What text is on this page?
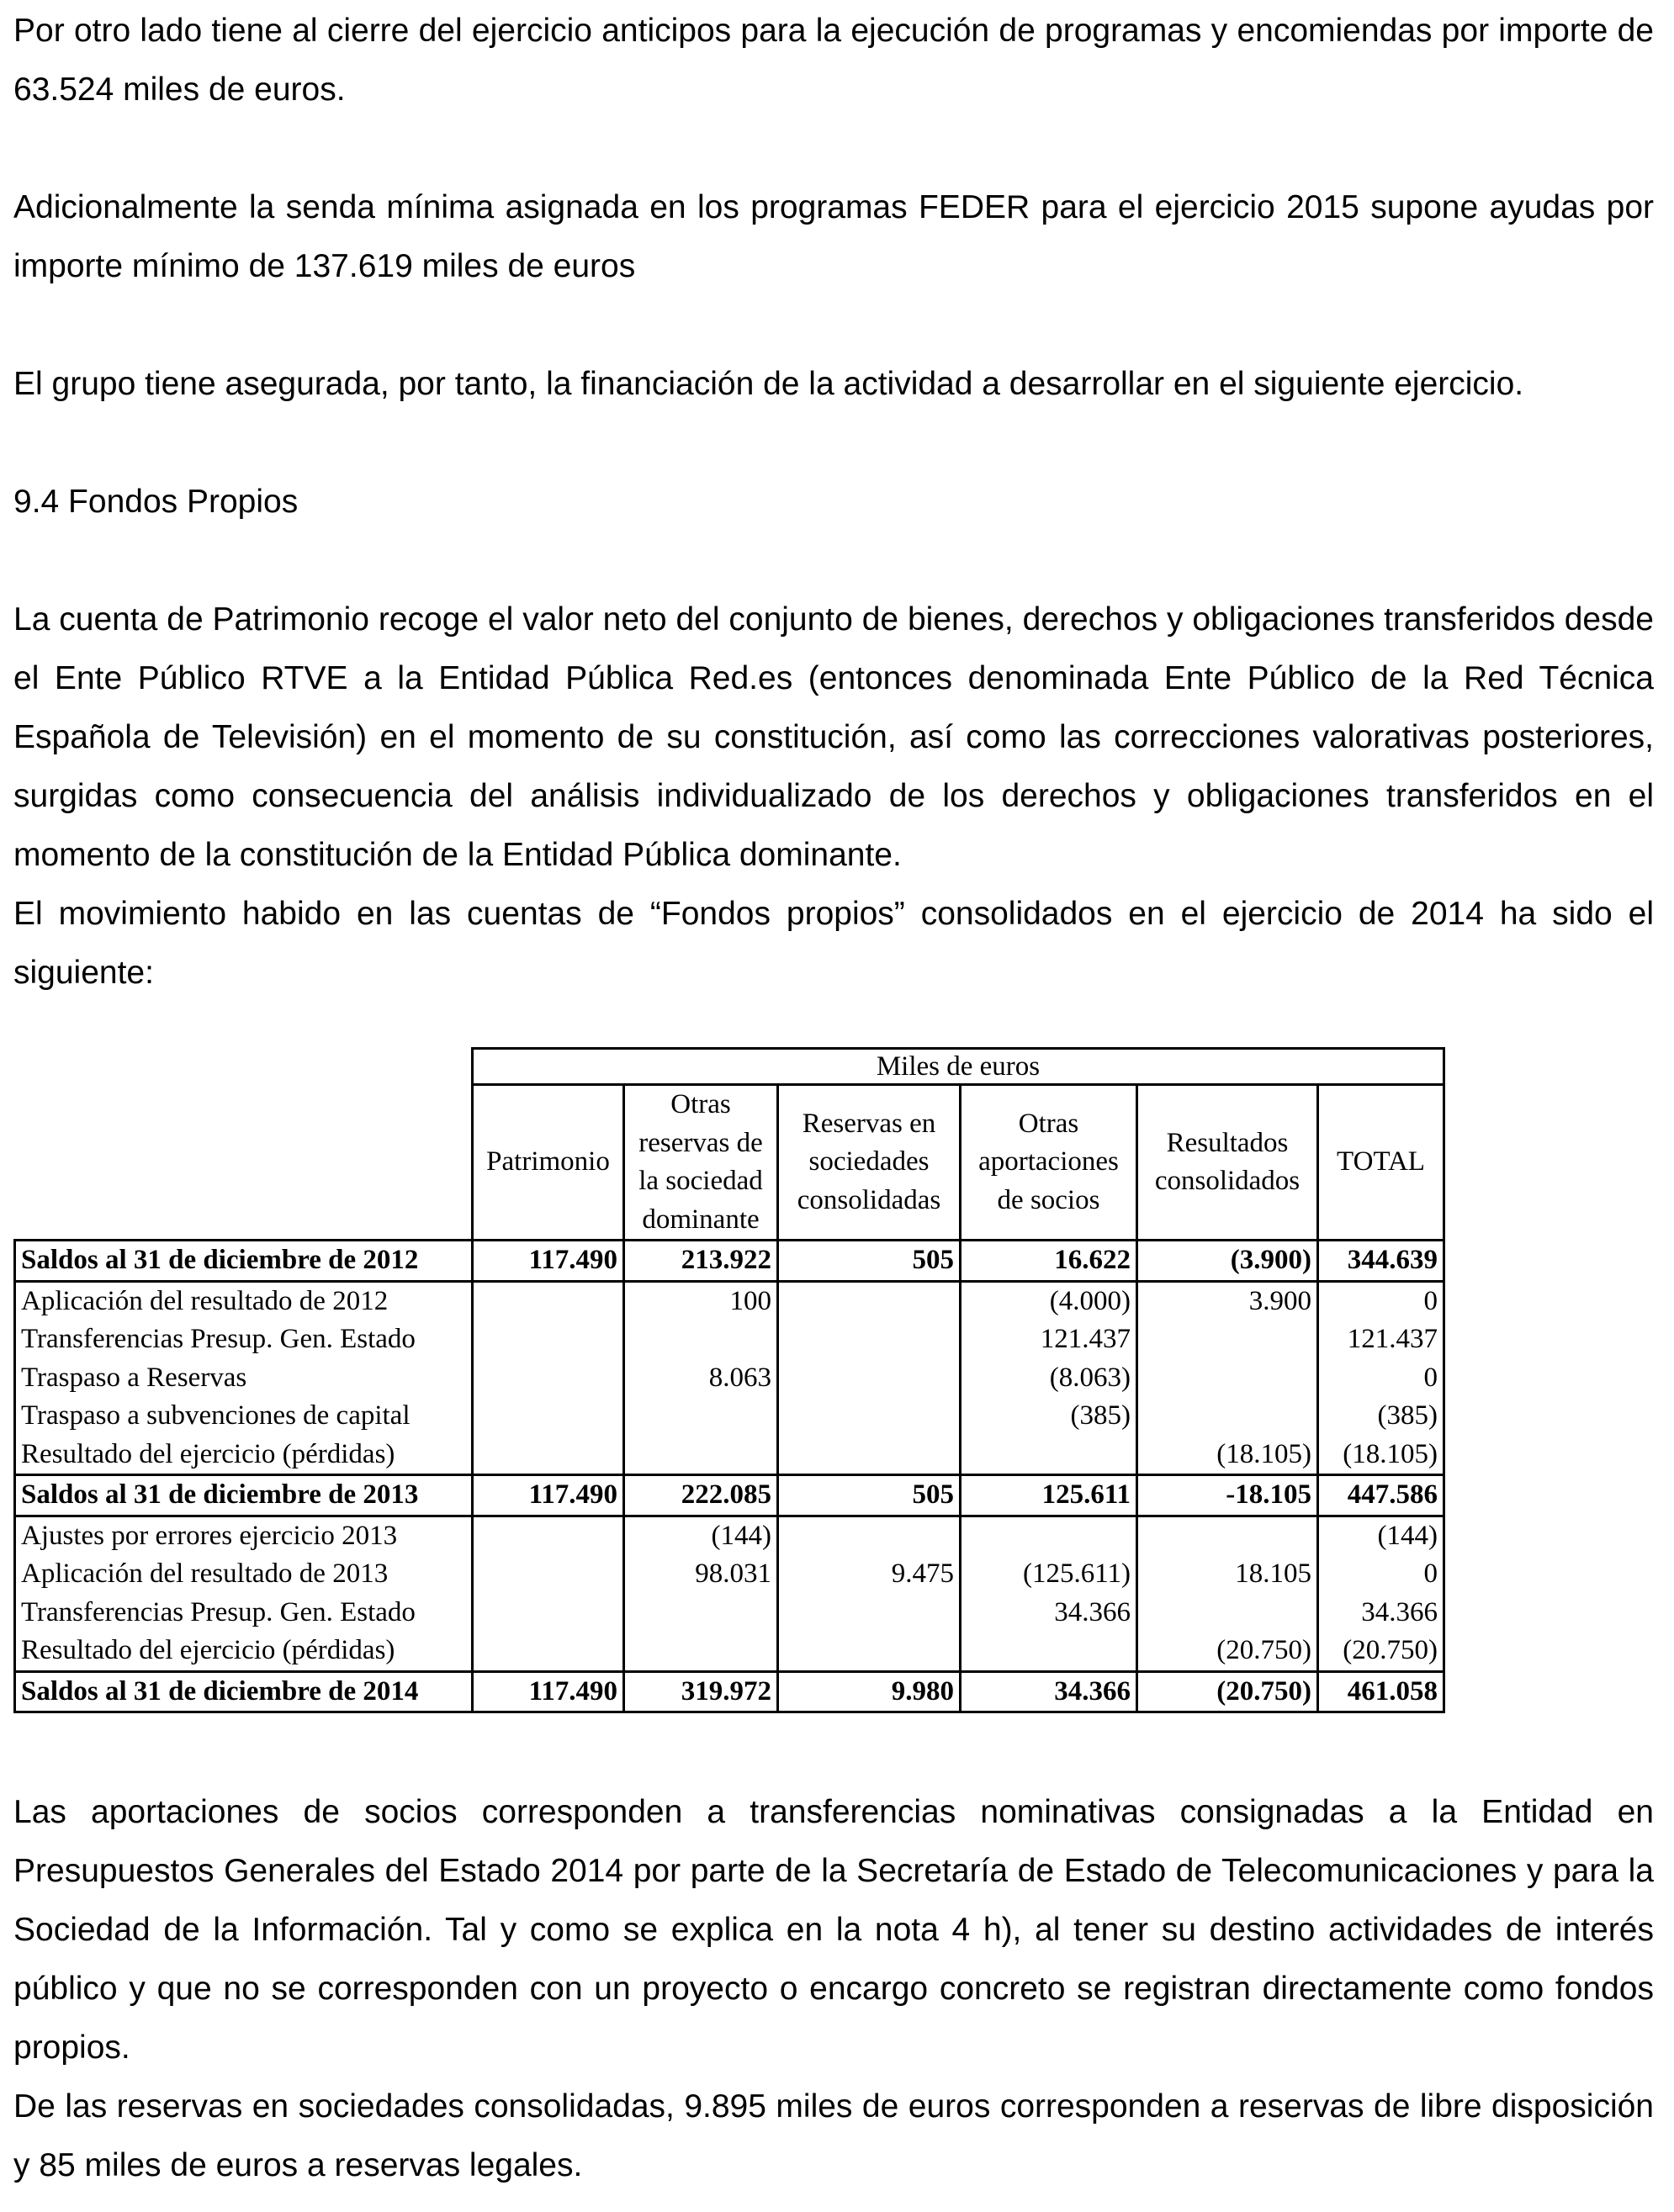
Por otro lado tiene al cierre del ejercicio anticipos para la ejecución de programas y encomiendas por importe de 63.524 miles de euros.

Adicionalmente la senda mínima asignada en los programas FEDER para el ejercicio 2015 supone ayudas por importe mínimo de 137.619 miles de euros

El grupo tiene asegurada, por tanto, la financiación de la actividad a desarrollar en el siguiente ejercicio.

9.4 Fondos Propios

La cuenta de Patrimonio recoge el valor neto del conjunto de bienes, derechos y obligaciones transferidos desde el Ente Público RTVE a la Entidad Pública Red.es (entonces denominada Ente Público de la Red Técnica Española de Televisión) en el momento de su constitución, así como las correcciones valorativas posteriores, surgidas como consecuencia del análisis individualizado de los derechos y obligaciones transferidos en el momento de la constitución de la Entidad Pública dominante.

El movimiento habido en las cuentas de “Fondos propios” consolidados en el ejercicio de 2014 ha sido el siguiente:

	Miles de euros					
	Patrimonio	Otras reservas de la sociedad dominante	Reservas en sociedades consolidadas	Otras aportaciones de socios	Resultados consolidados	TOTAL
Saldos al 31 de diciembre de 2012	117.490	213.922	505	16.622	(3.900)	344.639
Aplicación del resultado de 2012		100		(4.000)	3.900	0
Transferencias Presup. Gen. Estado				121.437		121.437
Traspaso a Reservas		8.063		(8.063)		0
Traspaso a subvenciones de capital				(385)		(385)
Resultado del ejercicio (pérdidas)					(18.105)	(18.105)
Saldos al 31 de diciembre de 2013	117.490	222.085	505	125.611	-18.105	447.586
Ajustes por errores ejercicio 2013		(144)				(144)
Aplicación del resultado de 2013		98.031	9.475	(125.611)	18.105	0
Transferencias Presup. Gen. Estado				34.366		34.366
Resultado del ejercicio (pérdidas)					(20.750)	(20.750)
Saldos al 31 de diciembre de 2014	117.490	319.972	9.980	34.366	(20.750)	461.058

Las aportaciones de socios corresponden a transferencias nominativas consignadas a la Entidad en Presupuestos Generales del Estado 2014 por parte de la Secretaría de Estado de Telecomunicaciones y para la Sociedad de la Información. Tal y como se explica en la nota 4 h), al tener su destino actividades de interés público y que no se corresponden con un proyecto o encargo concreto se registran directamente como fondos propios.

De las reservas en sociedades consolidadas, 9.895 miles de euros corresponden a reservas de libre disposición y 85 miles de euros a reservas legales.
